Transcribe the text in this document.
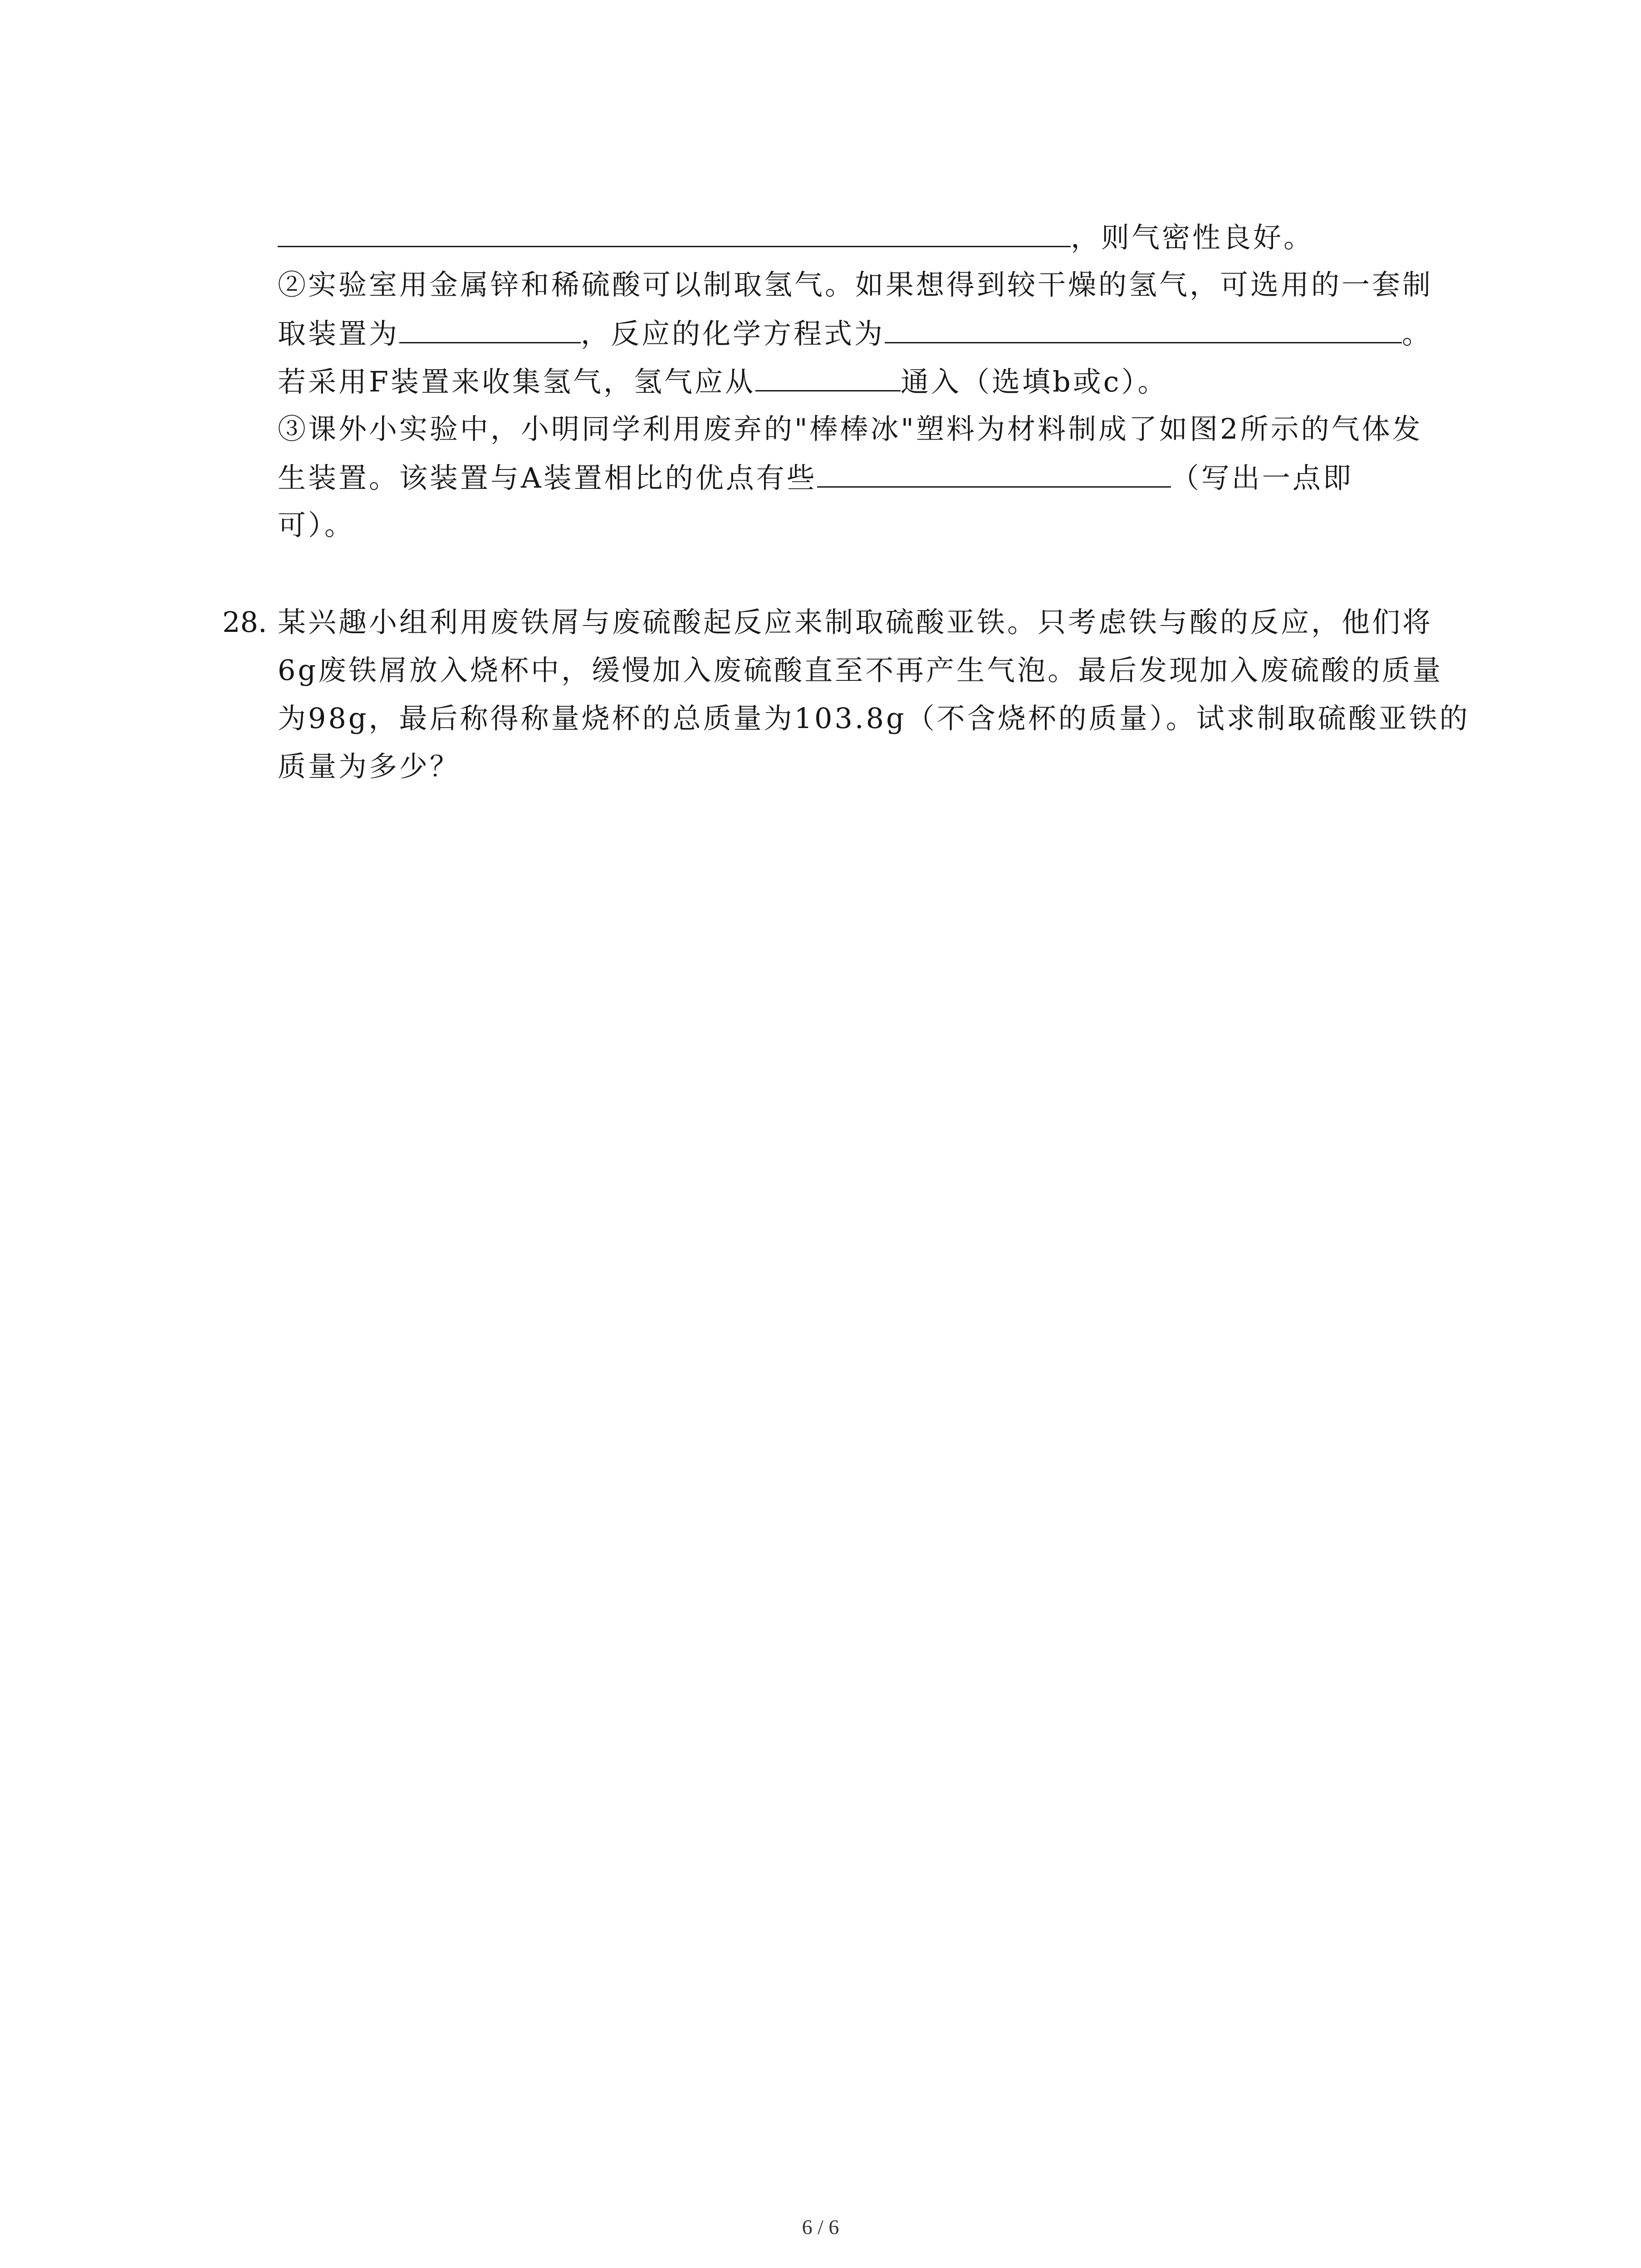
，则气密性良好。
②实验室用金属锌和稀硫酸可以制取氢气。如果想得到较干燥的氢气，可选用的一套制
取装置为	，反应的化学方程式为	。
若采用F装置来收集氢气，氢气应从	通入（选填b或c）。
③课外小实验中，小明同学利用废弃的"棒棒冰"塑料为材料制成了如图2所示的气体发
生装置。该装置与A装置相比的优点有些	（写出一点即
可）。
28. 某兴趣小组利用废铁屑与废硫酸起反应来制取硫酸亚铁。只考虑铁与酸的反应，他们将
6g废铁屑放入烧杯中，缓慢加入废硫酸直至不再产生气泡。最后发现加入废硫酸的质量
为98g，最后称得称量烧杯的总质量为103.8g（不含烧杯的质量）。试求制取硫酸亚铁的
质量为多少？
6 / 6
